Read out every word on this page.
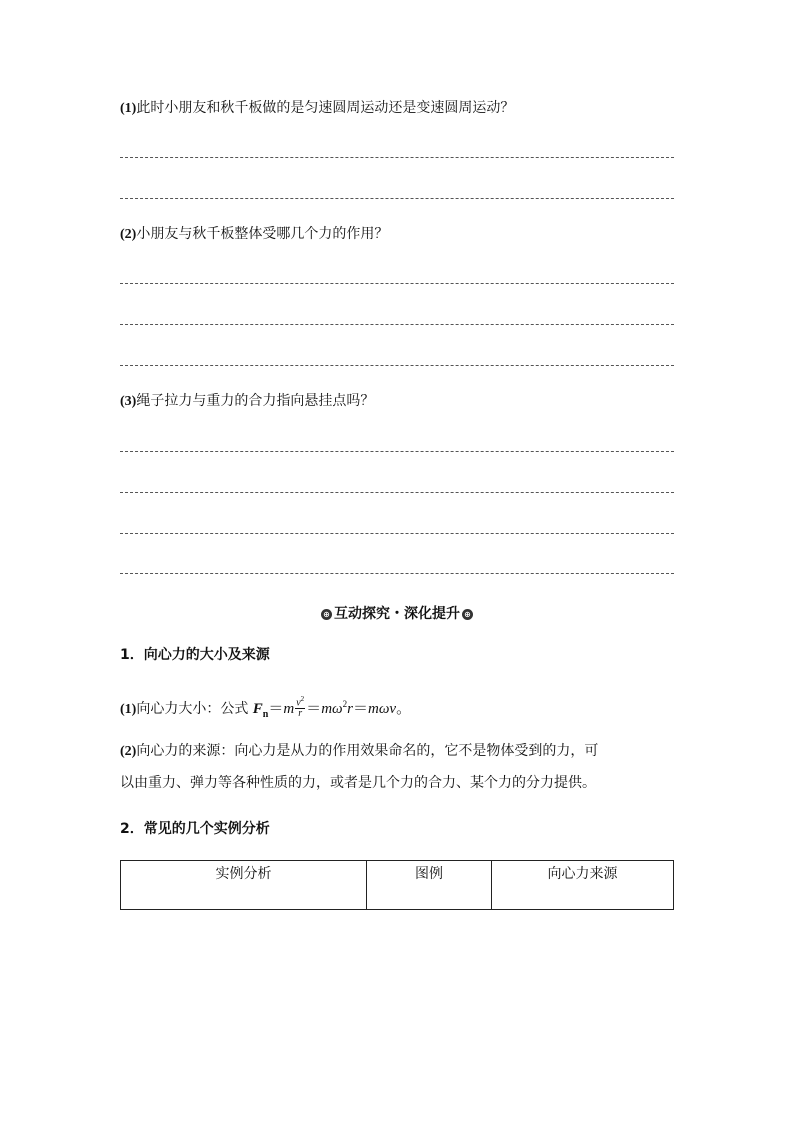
(1)此时小朋友和秋千板做的是匀速圆周运动还是变速圆周运动？
(2)小朋友与秋千板整体受哪几个力的作用？
(3)绳子拉力与重力的合力指向悬挂点吗？
⊕ 互动探究・深化提升 ⊕
1．向心力的大小及来源
(1)向心力大小：公式 $F_n=m \frac{v^2}{r} =m\omega^2r=m\omega v$。
(2)向心力的来源：向心力是从力的作用效果命名的，它不是物体受到的力，可
以由重力、弹力等各种性质的力，或者是几个力的合力、某个力的分力提供。
2．常见的几个实例分析
实例分析	图例	向心力来源
